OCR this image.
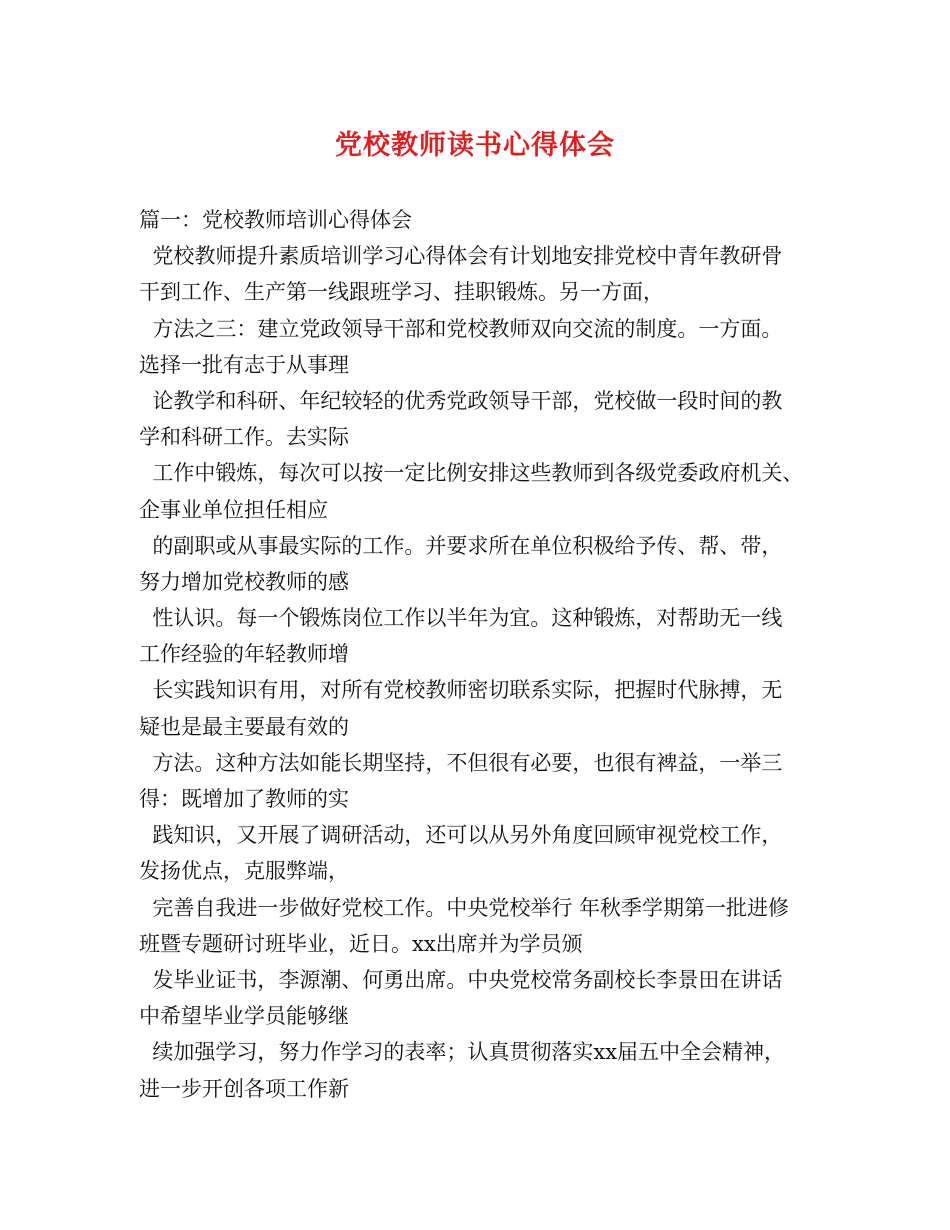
党校教师读书心得体会
篇一：党校教师培训心得体会
党校教师提升素质培训学习心得体会有计划地安排党校中青年教研骨
干到工作、生产第一线跟班学习、挂职锻炼。另一方面，
方法之三：建立党政领导干部和党校教师双向交流的制度。一方面。
选择一批有志于从事理
论教学和科研、年纪较轻的优秀党政领导干部，党校做一段时间的教
学和科研工作。去实际
工作中锻炼，每次可以按一定比例安排这些教师到各级党委政府机关、
企事业单位担任相应
的副职或从事最实际的工作。并要求所在单位积极给予传、帮、带，
努力增加党校教师的感
性认识。每一个锻炼岗位工作以半年为宜。这种锻炼，对帮助无一线
工作经验的年轻教师增
长实践知识有用，对所有党校教师密切联系实际，把握时代脉搏，无
疑也是最主要最有效的
方法。这种方法如能长期坚持，不但很有必要，也很有裨益，一举三
得：既增加了教师的实
践知识，又开展了调研活动，还可以从另外角度回顾审视党校工作，
发扬优点，克服弊端，
完善自我进一步做好党校工作。中央党校举行 年秋季学期第一批进修
班暨专题研讨班毕业，近日。xx出席并为学员颁
发毕业证书，李源潮、何勇出席。中央党校常务副校长李景田在讲话
中希望毕业学员能够继
续加强学习，努力作学习的表率；认真贯彻落实xx届五中全会精神，
进一步开创各项工作新
